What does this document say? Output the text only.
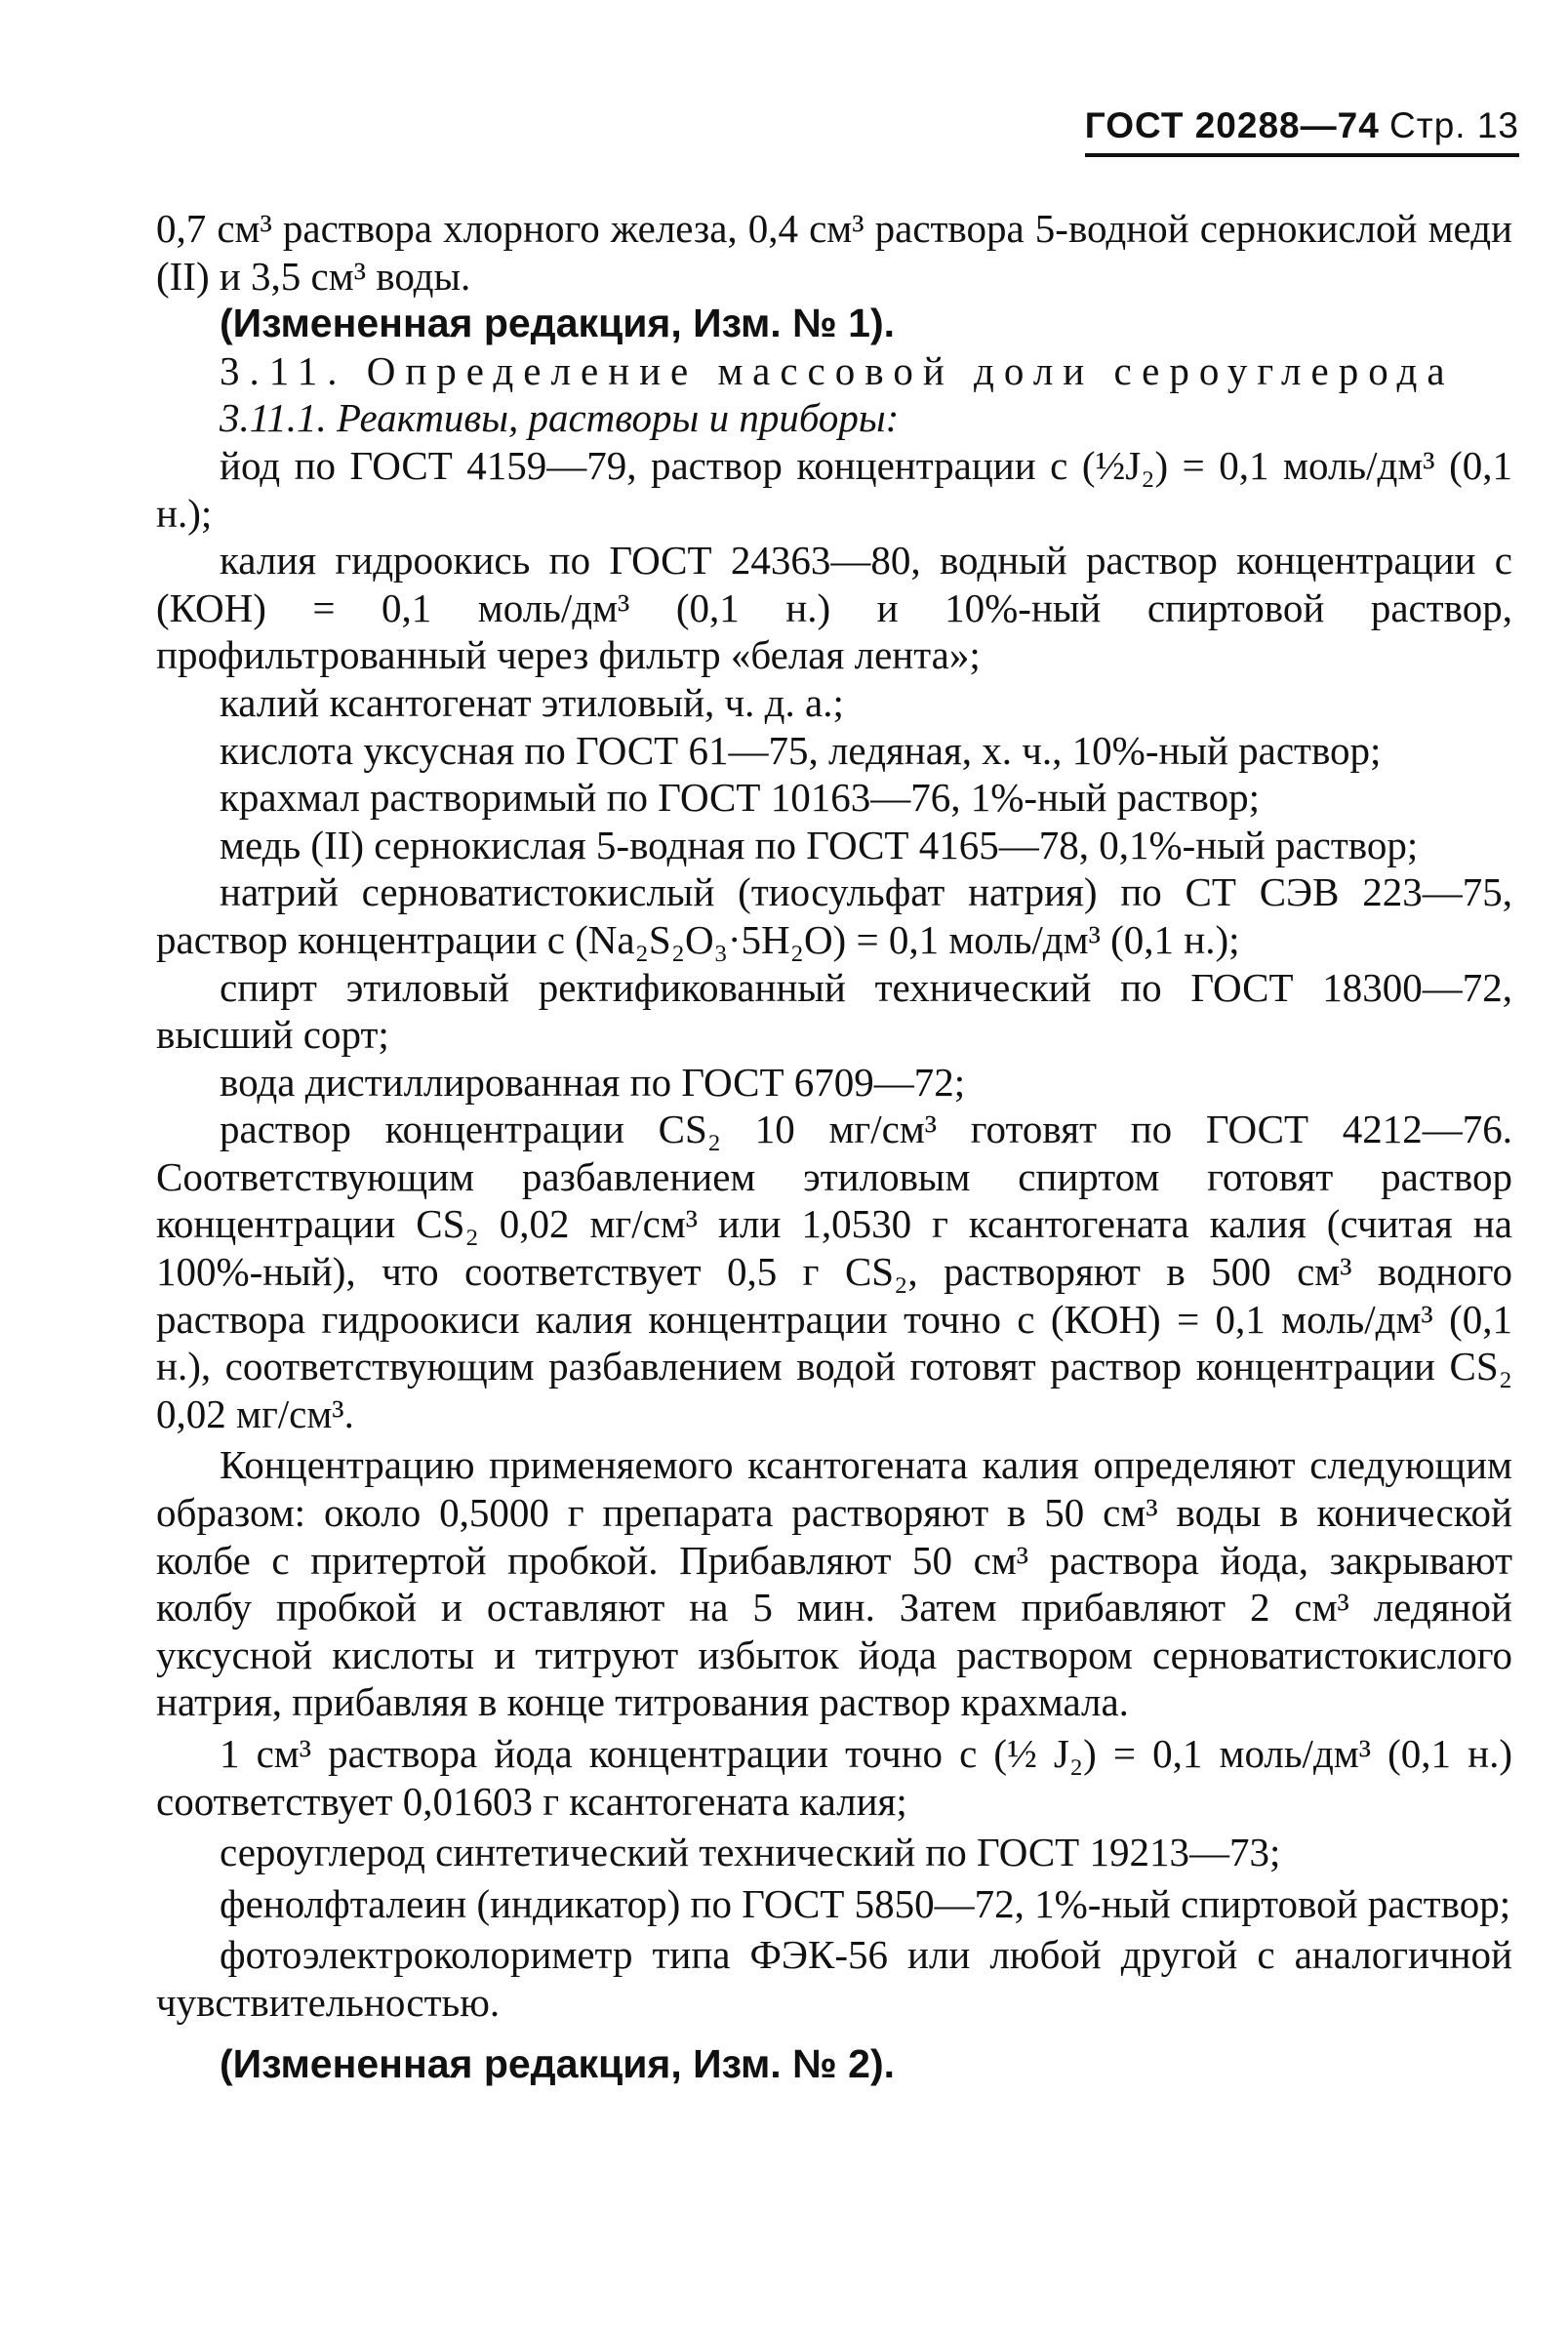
ГОСТ 20288—74 Стр. 13

0,7 см³ раствора хлорного железа, 0,4 см³ раствора 5-водной сернокислой меди (II) и 3,5 см³ воды.

(Измененная редакция, Изм. № 1).

3.11. Определение массовой доли сероуглерода

3.11.1. Реактивы, растворы и приборы:

йод по ГОСТ 4159—79, раствор концентрации c (½J₂) = 0,1 моль/дм³ (0,1 н.);

калия гидроокись по ГОСТ 24363—80, водный раствор концентрации c (КОН) = 0,1 моль/дм³ (0,1 н.) и 10%-ный спиртовой раствор, профильтрованный через фильтр «белая лента»;

калий ксантогенат этиловый, ч. д. а.;

кислота уксусная по ГОСТ 61—75, ледяная, х. ч., 10%-ный раствор;

крахмал растворимый по ГОСТ 10163—76, 1%-ный раствор;

медь (II) сернокислая 5-водная по ГОСТ 4165—78, 0,1%-ный раствор;

натрий серноватистокислый (тиосульфат натрия) по СТ СЭВ 223—75, раствор концентрации c (Na₂S₂O₃·5H₂O) = 0,1 моль/дм³ (0,1 н.);

спирт этиловый ректификованный технический по ГОСТ 18300—72, высший сорт;

вода дистиллированная по ГОСТ 6709—72;

раствор концентрации CS₂ 10 мг/см³ готовят по ГОСТ 4212—76. Соответствующим разбавлением этиловым спиртом готовят раствор концентрации CS₂ 0,02 мг/см³ или 1,0530 г ксантогената калия (считая на 100%-ный), что соответствует 0,5 г CS₂, растворяют в 500 см³ водного раствора гидроокиси калия концентрации точно c (КОН) = 0,1 моль/дм³ (0,1 н.), соответствующим разбавлением водой готовят раствор концентрации CS₂ 0,02 мг/см³.

Концентрацию применяемого ксантогената калия определяют следующим образом: около 0,5000 г препарата растворяют в 50 см³ воды в конической колбе с притертой пробкой. Прибавляют 50 см³ раствора йода, закрывают колбу пробкой и оставляют на 5 мин. Затем прибавляют 2 см³ ледяной уксусной кислоты и титруют избыток йода раствором серноватистокислого натрия, прибавляя в конце титрования раствор крахмала.

1 см³ раствора йода концентрации точно c (½ J₂) = 0,1 моль/дм³ (0,1 н.) соответствует 0,01603 г ксантогената калия;

сероуглерод синтетический технический по ГОСТ 19213—73;

фенолфталеин (индикатор) по ГОСТ 5850—72, 1%-ный спиртовой раствор;

фотоэлектроколориметр типа ФЭК-56 или любой другой с аналогичной чувствительностью.

(Измененная редакция, Изм. № 2).
